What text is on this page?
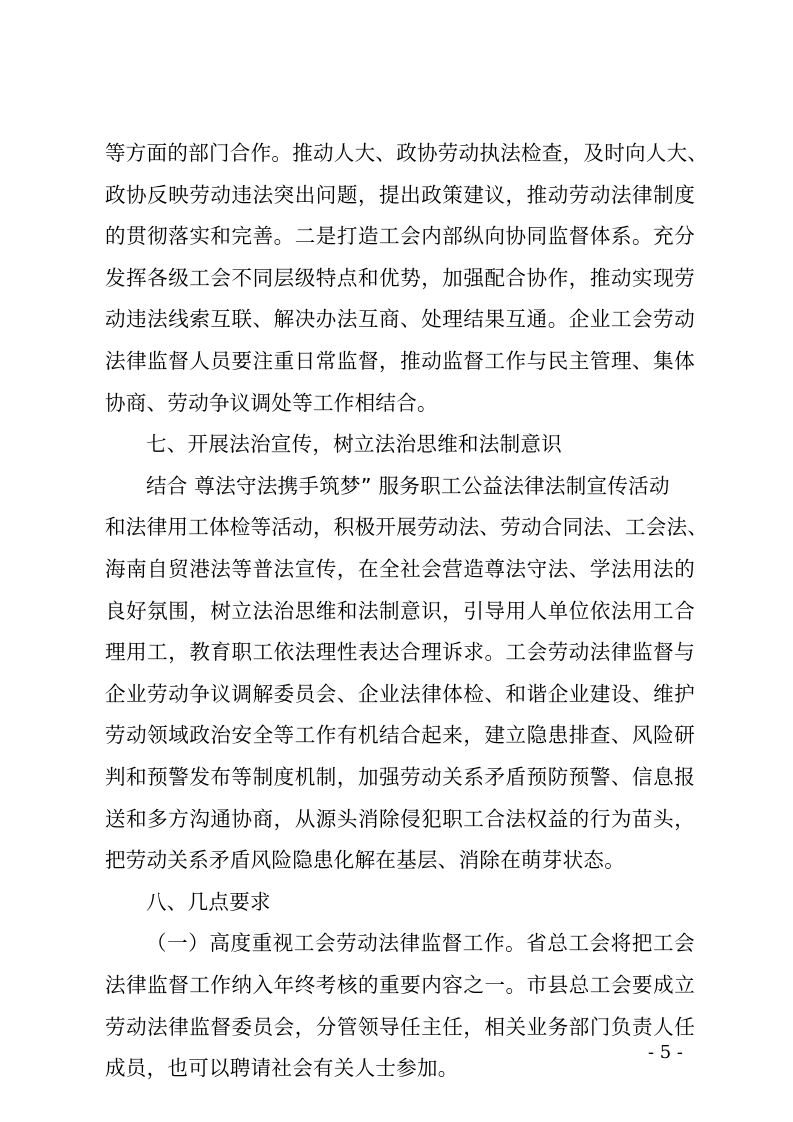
等方面的部门合作。推动人大、政协劳动执法检查，及时向人大、
政协反映劳动违法突出问题，提出政策建议，推动劳动法律制度
的贯彻落实和完善。二是打造工会内部纵向协同监督体系。充分
发挥各级工会不同层级特点和优势，加强配合协作，推动实现劳
动违法线索互联、解决办法互商、处理结果互通。企业工会劳动
法律监督人员要注重日常监督，推动监督工作与民主管理、集体
协商、劳动争议调处等工作相结合。
七、开展法治宣传，树立法治思维和法制意识
结合 尊法守法携手筑梦” 服务职工公益法律法制宣传活动
和法律用工体检等活动，积极开展劳动法、劳动合同法、工会法、
海南自贸港法等普法宣传，在全社会营造尊法守法、学法用法的
良好氛围，树立法治思维和法制意识，引导用人单位依法用工合
理用工，教育职工依法理性表达合理诉求。工会劳动法律监督与
企业劳动争议调解委员会、企业法律体检、和谐企业建设、维护
劳动领域政治安全等工作有机结合起来，建立隐患排查、风险研
判和预警发布等制度机制，加强劳动关系矛盾预防预警、信息报
送和多方沟通协商，从源头消除侵犯职工合法权益的行为苗头，
把劳动关系矛盾风险隐患化解在基层、消除在萌芽状态。
八、几点要求
（一）高度重视工会劳动法律监督工作。省总工会将把工会
法律监督工作纳入年终考核的重要内容之一。市县总工会要成立
劳动法律监督委员会，分管领导任主任，相关业务部门负责人任
成员，也可以聘请社会有关人士参加。
- 5 -
